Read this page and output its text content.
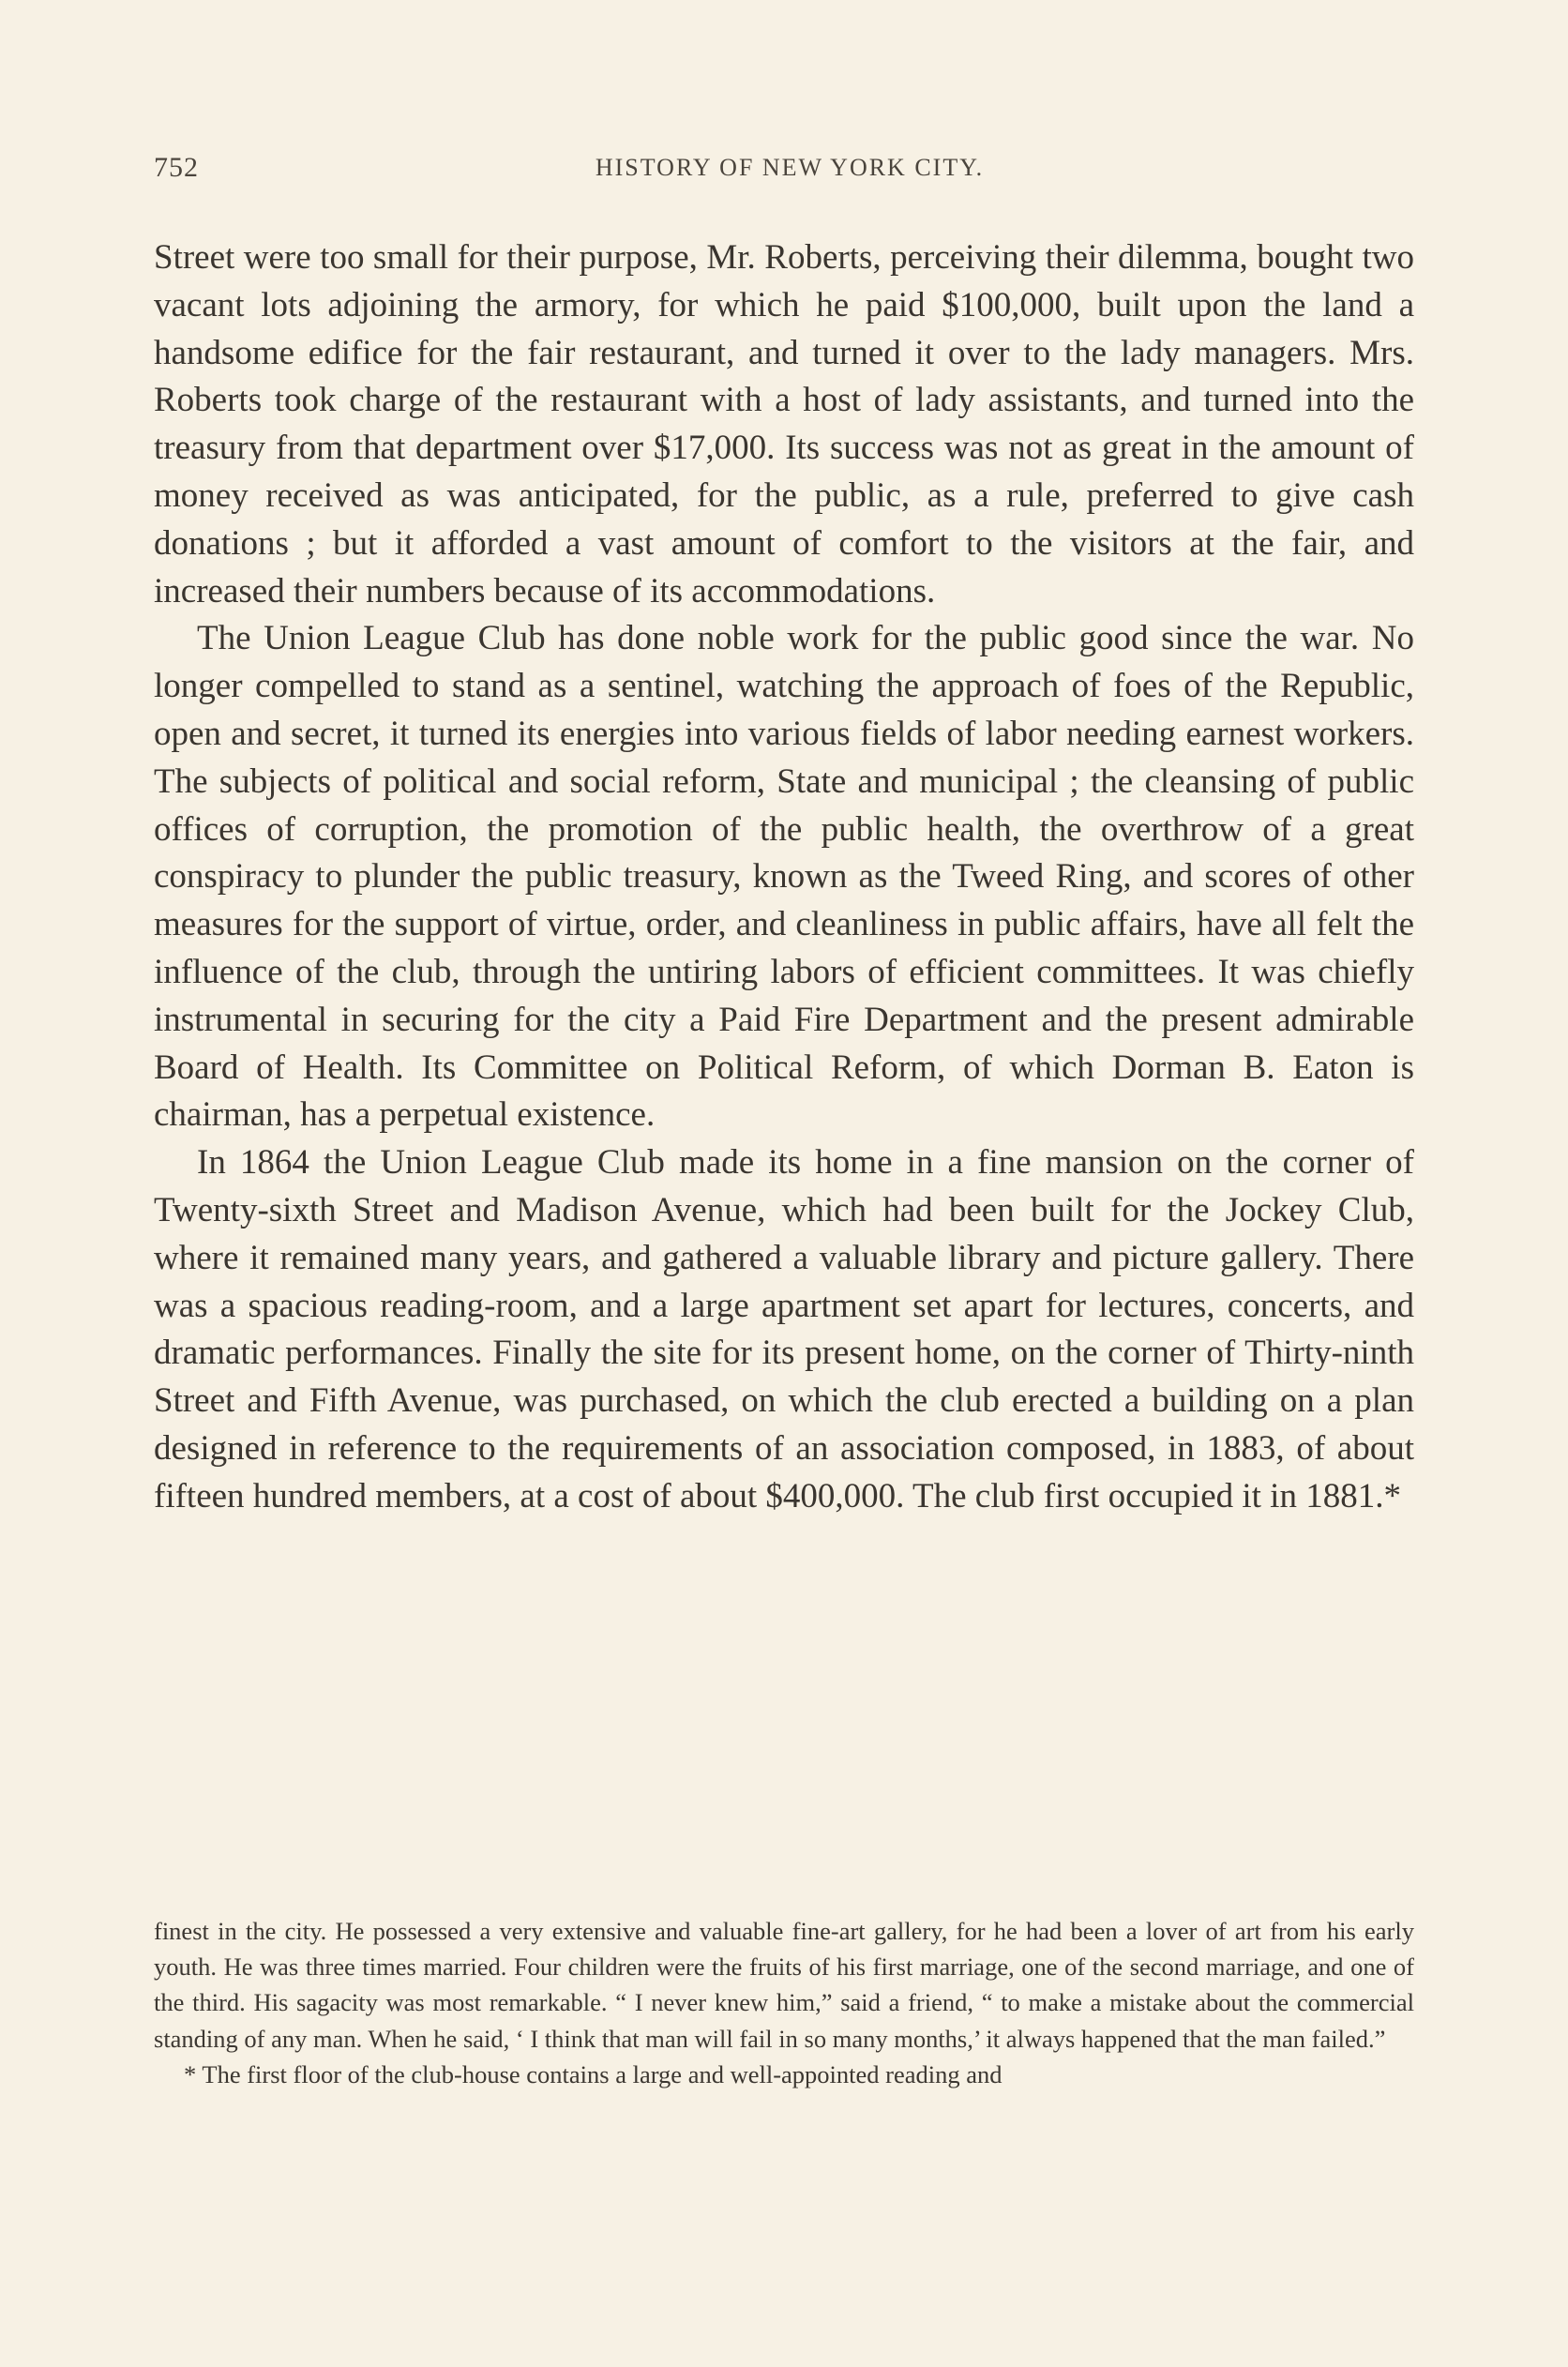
752	HISTORY OF NEW YORK CITY.

Street were too small for their purpose, Mr. Roberts, perceiving their dilemma, bought two vacant lots adjoining the armory, for which he paid $100,000, built upon the land a handsome edifice for the fair restaurant, and turned it over to the lady managers. Mrs. Roberts took charge of the restaurant with a host of lady assistants, and turned into the treasury from that department over $17,000. Its success was not as great in the amount of money received as was anticipated, for the public, as a rule, preferred to give cash donations ; but it afforded a vast amount of comfort to the visitors at the fair, and increased their numbers because of its accommodations.

The Union League Club has done noble work for the public good since the war. No longer compelled to stand as a sentinel, watching the approach of foes of the Republic, open and secret, it turned its energies into various fields of labor needing earnest workers. The subjects of political and social reform, State and municipal ; the cleansing of public offices of corruption, the promotion of the public health, the overthrow of a great conspiracy to plunder the public treasury, known as the Tweed Ring, and scores of other measures for the support of virtue, order, and cleanliness in public affairs, have all felt the influence of the club, through the untiring labors of efficient committees. It was chiefly instrumental in securing for the city a Paid Fire Department and the present admirable Board of Health. Its Committee on Political Reform, of which Dorman B. Eaton is chairman, has a perpetual existence.

In 1864 the Union League Club made its home in a fine mansion on the corner of Twenty-sixth Street and Madison Avenue, which had been built for the Jockey Club, where it remained many years, and gathered a valuable library and picture gallery. There was a spacious reading-room, and a large apartment set apart for lectures, concerts, and dramatic performances. Finally the site for its present home, on the corner of Thirty-ninth Street and Fifth Avenue, was purchased, on which the club erected a building on a plan designed in reference to the requirements of an association composed, in 1883, of about fifteen hundred members, at a cost of about $400,000. The club first occupied it in 1881.*

finest in the city. He possessed a very extensive and valuable fine-art gallery, for he had been a lover of art from his early youth. He was three times married. Four children were the fruits of his first marriage, one of the second marriage, and one of the third. His sagacity was most remarkable. “ I never knew him,” said a friend, “ to make a mistake about the commercial standing of any man. When he said, ‘ I think that man will fail in so many months,’ it always happened that the man failed.”

* The first floor of the club-house contains a large and well-appointed reading and
